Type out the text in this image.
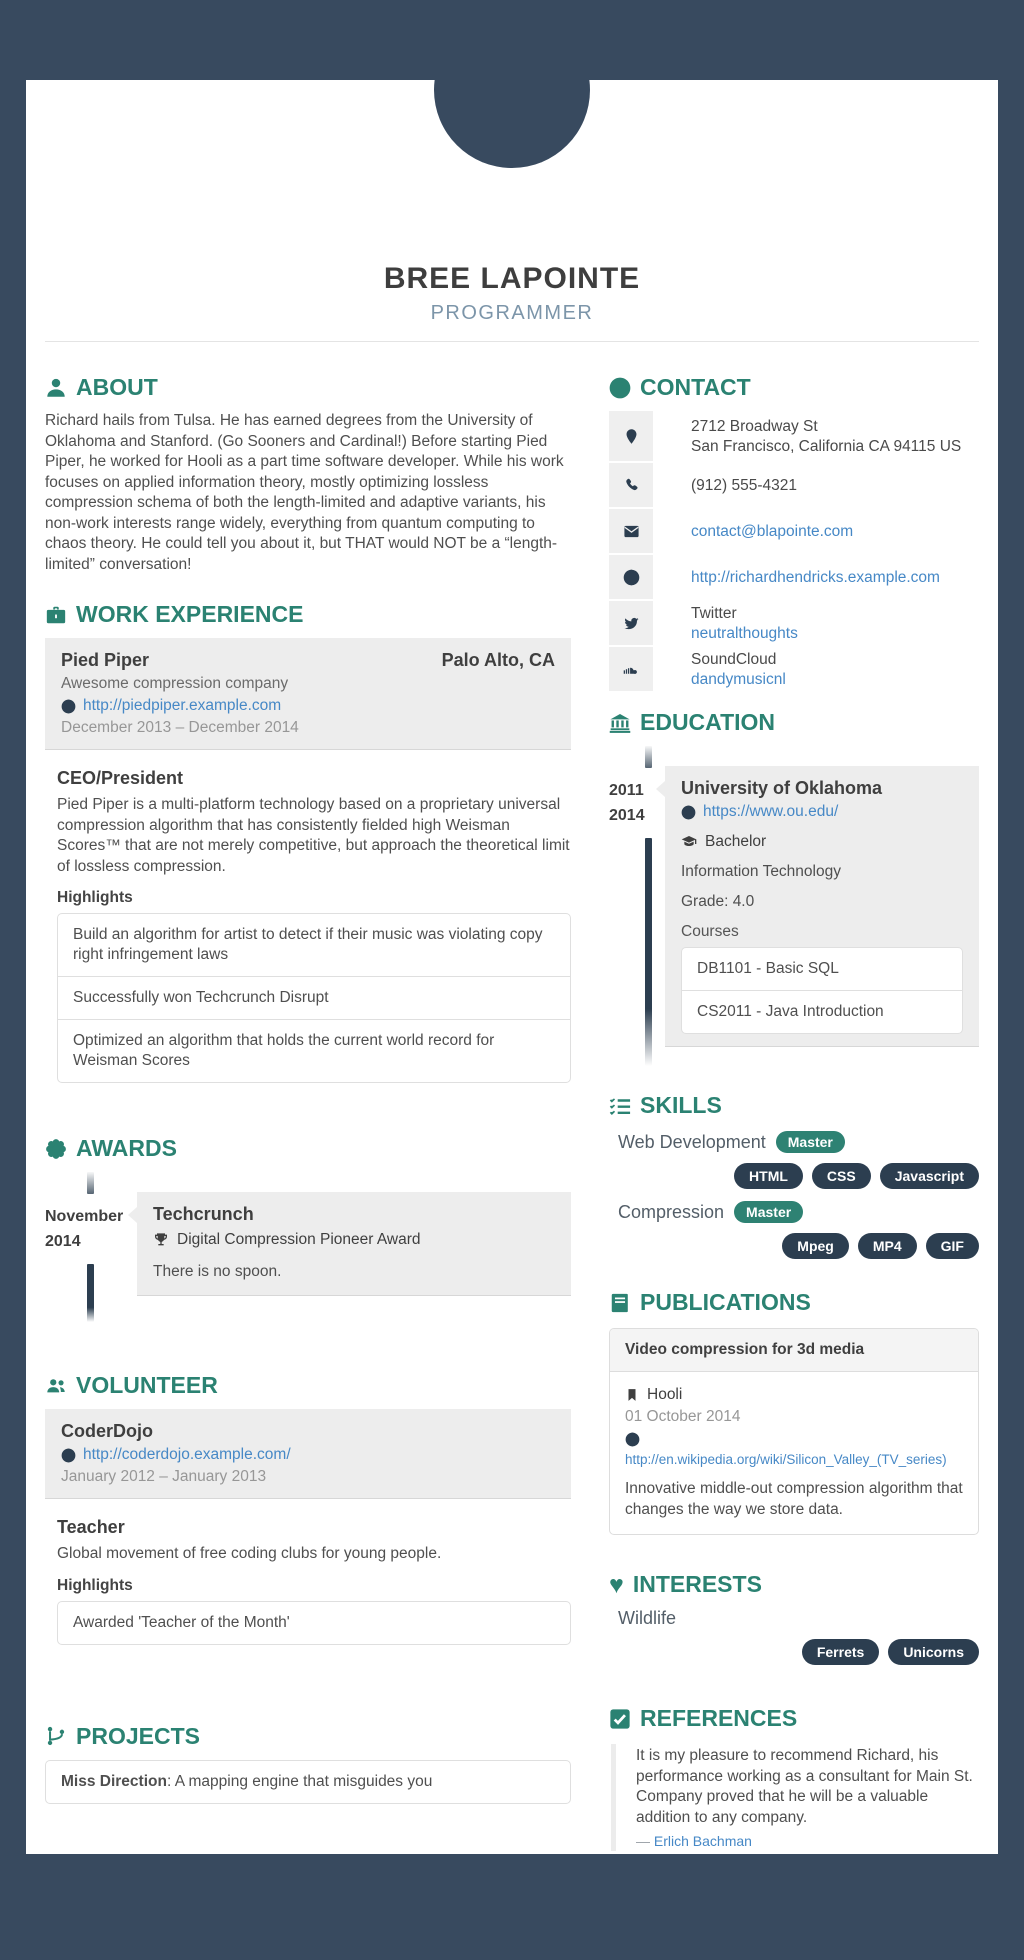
BREE LAPOINTE
PROGRAMMER
ABOUT

Richard hails from Tulsa. He has earned degrees from the University of Oklahoma and Stanford. (Go Sooners and Cardinal!) Before starting Pied Piper, he worked for Hooli as a part time software developer. While his work focuses on applied information theory, mostly optimizing lossless compression schema of both the length-limited and adaptive variants, his non-work interests range widely, everything from quantum computing to chaos theory. He could tell you about it, but THAT would NOT be a “length-limited” conversation!

WORK EXPERIENCE
Pied Piper	Palo Alto, CA
Awesome compression company
http://piedpiper.example.com
December 2013 – December 2014
CEO/President

Pied Piper is a multi-platform technology based on a proprietary universal compression algorithm that has consistently fielded high Weisman Scores™ that are not merely competitive, but approach the theoretical limit of lossless compression.

Highlights
Build an algorithm for artist to detect if their music was violating copy right infringement laws
Successfully won Techcrunch Disrupt
Optimized an algorithm that holds the current world record for Weisman Scores
AWARDS
November
2014
Techcrunch
Digital Compression Pioneer Award

There is no spoon.

VOLUNTEER
CoderDojo
http://coderdojo.example.com/
January 2012 – January 2013
Teacher

Global movement of free coding clubs for young people.

Highlights
Awarded 'Teacher of the Month'
PROJECTS
Miss Direction: A mapping engine that misguides you
CONTACT
2712 Broadway St
San Francisco, California CA 94115 US
(912) 555-4321
contact@blapointe.com
http://richardhendricks.example.com
Twitter
neutralthoughts
SoundCloud
dandymusicnl
EDUCATION
2011
2014
University of Oklahoma
https://www.ou.edu/
Bachelor
Information Technology
Grade: 4.0
Courses
DB1101 - Basic SQL
CS2011 - Java Introduction
SKILLS
Web Development	Master
HTML	CSS	Javascript
Compression	Master
Mpeg	MP4	GIF
PUBLICATIONS
Video compression for 3d media
Hooli
01 October 2014
http://en.wikipedia.org/wiki/Silicon_Valley_(TV_series)

Innovative middle-out compression algorithm that changes the way we store data.

♥ INTERESTS
Wildlife
Ferrets	Unicorns
REFERENCES

It is my pleasure to recommend Richard, his performance working as a consultant for Main St. Company proved that he will be a valuable addition to any company.

— Erlich Bachman
